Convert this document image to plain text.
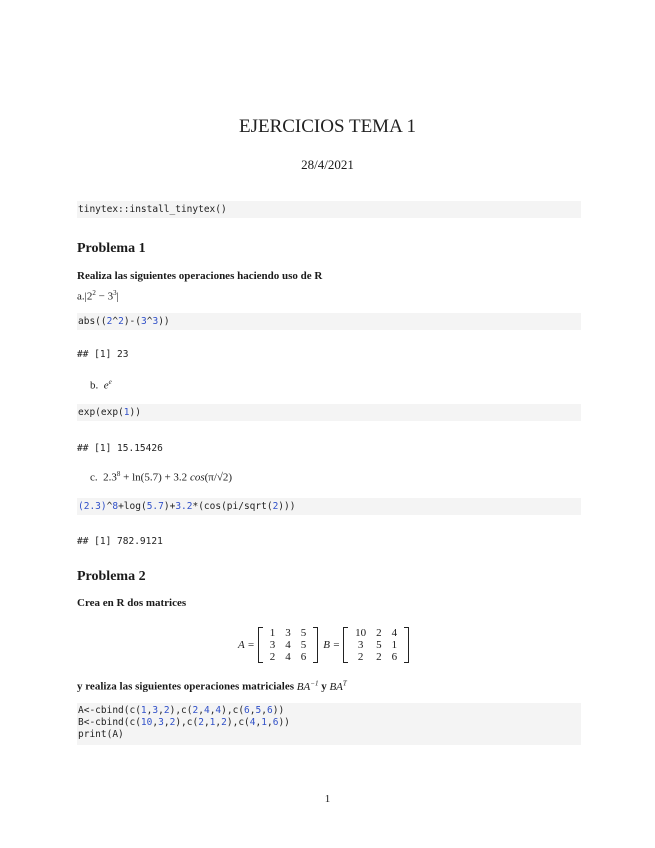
EJERCICIOS TEMA 1
28/4/2021
tinytex::install_tinytex()
Problema 1
Realiza las siguientes operaciones haciendo uso de R
$a.|2^2 - 3^3|$
abs((2^2)-(3^3))
## [1] 23
b. $e^e$
exp(exp(1))
## [1] 15.15426
c.  $2.3^8 + \ln(5.7) + 3.2$ cos(π/√2)
(2.3)^8+log(5.7)+3.2*(cos(pi/sqrt(2)))
## [1] 782.9121
Problema 2
Crea en R dos matrices
A =
1	3	5
3	4	5
2	4	6
B =
10	2	4
3	5	1
2	2	6
y realiza las siguientes operaciones matriciales $BA^{-1}$ y $BA^T$
A<-cbind(c(1,3,2),c(2,4,4),c(6,5,6))
B<-cbind(c(10,3,2),c(2,1,2),c(4,1,6))
print(A)
1
